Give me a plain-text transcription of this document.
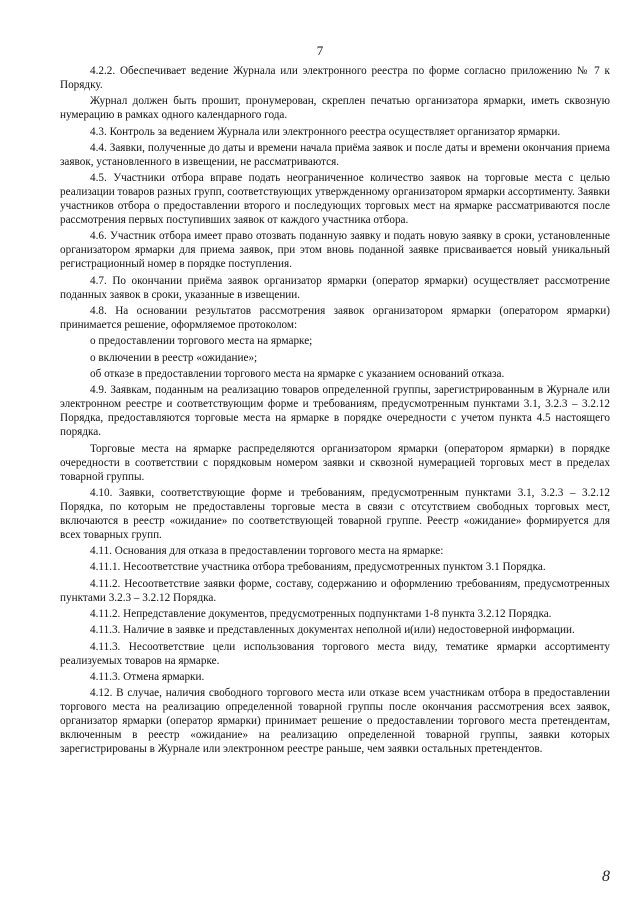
7

4.2.2. Обеспечивает ведение Журнала или электронного реестра по форме согласно приложению № 7 к Порядку.

Журнал должен быть прошит, пронумерован, скреплен печатью организатора ярмарки, иметь сквозную нумерацию в рамках одного календарного года.

4.3. Контроль за ведением Журнала или электронного реестра осуществляет организатор ярмарки.

4.4. Заявки, полученные до даты и времени начала приёма заявок и после даты и времени окончания приема заявок, установленного в извещении, не рассматриваются.

4.5. Участники отбора вправе подать неограниченное количество заявок на торговые места с целью реализации товаров разных групп, соответствующих утвержденному организатором ярмарки ассортименту. Заявки участников отбора о предоставлении второго и последующих торговых мест на ярмарке рассматриваются после рассмотрения первых поступивших заявок от каждого участника отбора.

4.6. Участник отбора имеет право отозвать поданную заявку и подать новую заявку в сроки, установленные организатором ярмарки для приема заявок, при этом вновь поданной заявке присваивается новый уникальный регистрационный номер в порядке поступления.

4.7. По окончании приёма заявок организатор ярмарки (оператор ярмарки) осуществляет рассмотрение поданных заявок в сроки, указанные в извещении.

4.8. На основании результатов рассмотрения заявок организатором ярмарки (оператором ярмарки) принимается решение, оформляемое протоколом:

о предоставлении торгового места на ярмарке;

о включении в реестр «ожидание»;

об отказе в предоставлении торгового места на ярмарке с указанием оснований отказа.

4.9. Заявкам, поданным на реализацию товаров определенной группы, зарегистрированным в Журнале или электронном реестре и соответствующим форме и требованиям, предусмотренным пунктами 3.1, 3.2.3 – 3.2.12 Порядка, предоставляются торговые места на ярмарке в порядке очередности с учетом пункта 4.5 настоящего порядка.

Торговые места на ярмарке распределяются организатором ярмарки (оператором ярмарки) в порядке очередности в соответствии с порядковым номером заявки и сквозной нумерацией торговых мест в пределах товарной группы.

4.10. Заявки, соответствующие форме и требованиям, предусмотренным пунктами 3.1, 3.2.3 – 3.2.12 Порядка, по которым не предоставлены торговые места в связи с отсутствием свободных торговых мест, включаются в реестр «ожидание» по соответствующей товарной группе. Реестр «ожидание» формируется для всех товарных групп.

4.11. Основания для отказа в предоставлении торгового места на ярмарке:

4.11.1. Несоответствие участника отбора требованиям, предусмотренных пунктом 3.1 Порядка.

4.11.2. Несоответствие заявки форме, составу, содержанию и оформлению требованиям, предусмотренных пунктами 3.2.3 – 3.2.12 Порядка.

4.11.2. Непредставление документов, предусмотренных подпунктами 1-8 пункта 3.2.12 Порядка.

4.11.3. Наличие в заявке и представленных документах неполной и(или) недостоверной информации.

4.11.3. Несоответствие цели использования торгового места виду, тематике ярмарки ассортименту реализуемых товаров на ярмарке.

4.11.3. Отмена ярмарки.

4.12. В случае, наличия свободного торгового места или отказе всем участникам отбора в предоставлении торгового места на реализацию определенной товарной группы после окончания рассмотрения всех заявок, организатор ярмарки (оператор ярмарки) принимает решение о предоставлении торгового места претендентам, включенным в реестр «ожидание» на реализацию определенной товарной группы, заявки которых зарегистрированы в Журнале или электронном реестре раньше, чем заявки остальных претендентов.

8
